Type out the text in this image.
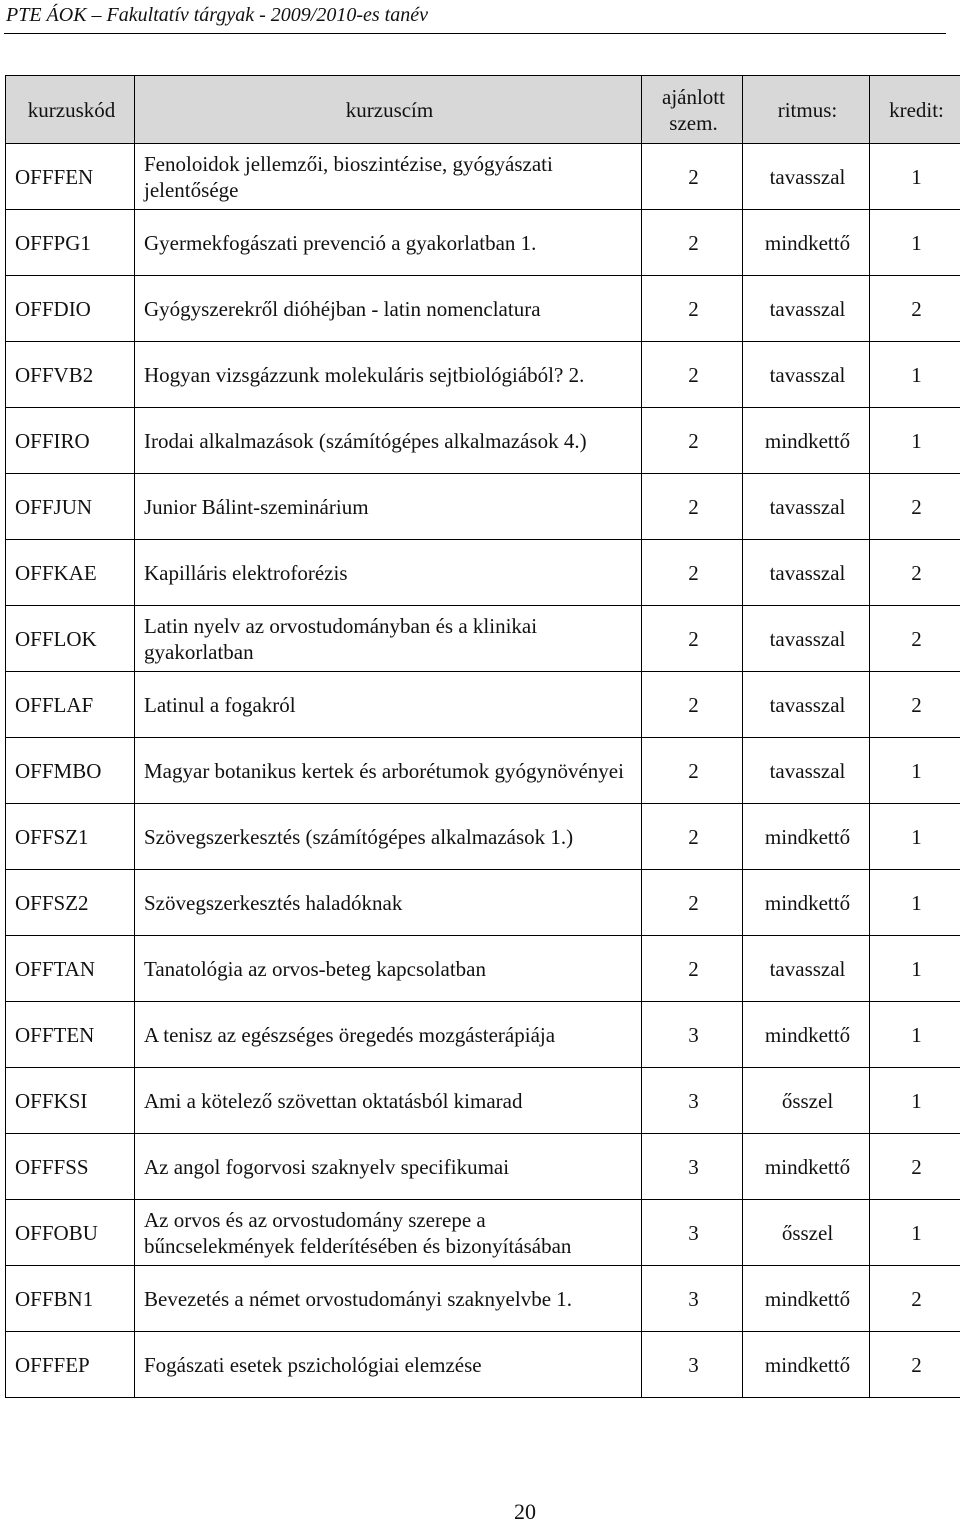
PTE ÁOK – Fakultatív tárgyak - 2009/2010-es tanév
kurzuskód	kurzuscím	ajánlott szem.	ritmus:	kredit:
OFFFEN	Fenoloidok jellemzői, bioszintézise, gyógyászati jelentősége	2	tavasszal	1
OFFPG1	Gyermekfogászati prevenció a gyakorlatban 1.	2	mindkettő	1
OFFDIO	Gyógyszerekről dióhéjban - latin nomenclatura	2	tavasszal	2
OFFVB2	Hogyan vizsgázzunk molekuláris sejtbiológiából? 2.	2	tavasszal	1
OFFIRO	Irodai alkalmazások (számítógépes alkalmazások 4.)	2	mindkettő	1
OFFJUN	Junior Bálint-szeminárium	2	tavasszal	2
OFFKAE	Kapilláris elektroforézis	2	tavasszal	2
OFFLOK	Latin nyelv az orvostudományban és a klinikai gyakorlatban	2	tavasszal	2
OFFLAF	Latinul a fogakról	2	tavasszal	2
OFFMBO	Magyar botanikus kertek és arborétumok gyógynövényei	2	tavasszal	1
OFFSZ1	Szövegszerkesztés (számítógépes alkalmazások 1.)	2	mindkettő	1
OFFSZ2	Szövegszerkesztés haladóknak	2	mindkettő	1
OFFTAN	Tanatológia az orvos-beteg kapcsolatban	2	tavasszal	1
OFFTEN	A tenisz az egészséges öregedés mozgásterápiája	3	mindkettő	1
OFFKSI	Ami a kötelező szövettan oktatásból kimarad	3	ősszel	1
OFFFSS	Az angol fogorvosi szaknyelv specifikumai	3	mindkettő	2
OFFOBU	Az orvos és az orvostudomány szerepe a bűncselekmények felderítésében és bizonyításában	3	ősszel	1
OFFBN1	Bevezetés a német orvostudományi szaknyelvbe 1.	3	mindkettő	2
OFFFEP	Fogászati esetek pszichológiai elemzése	3	mindkettő	2
20
